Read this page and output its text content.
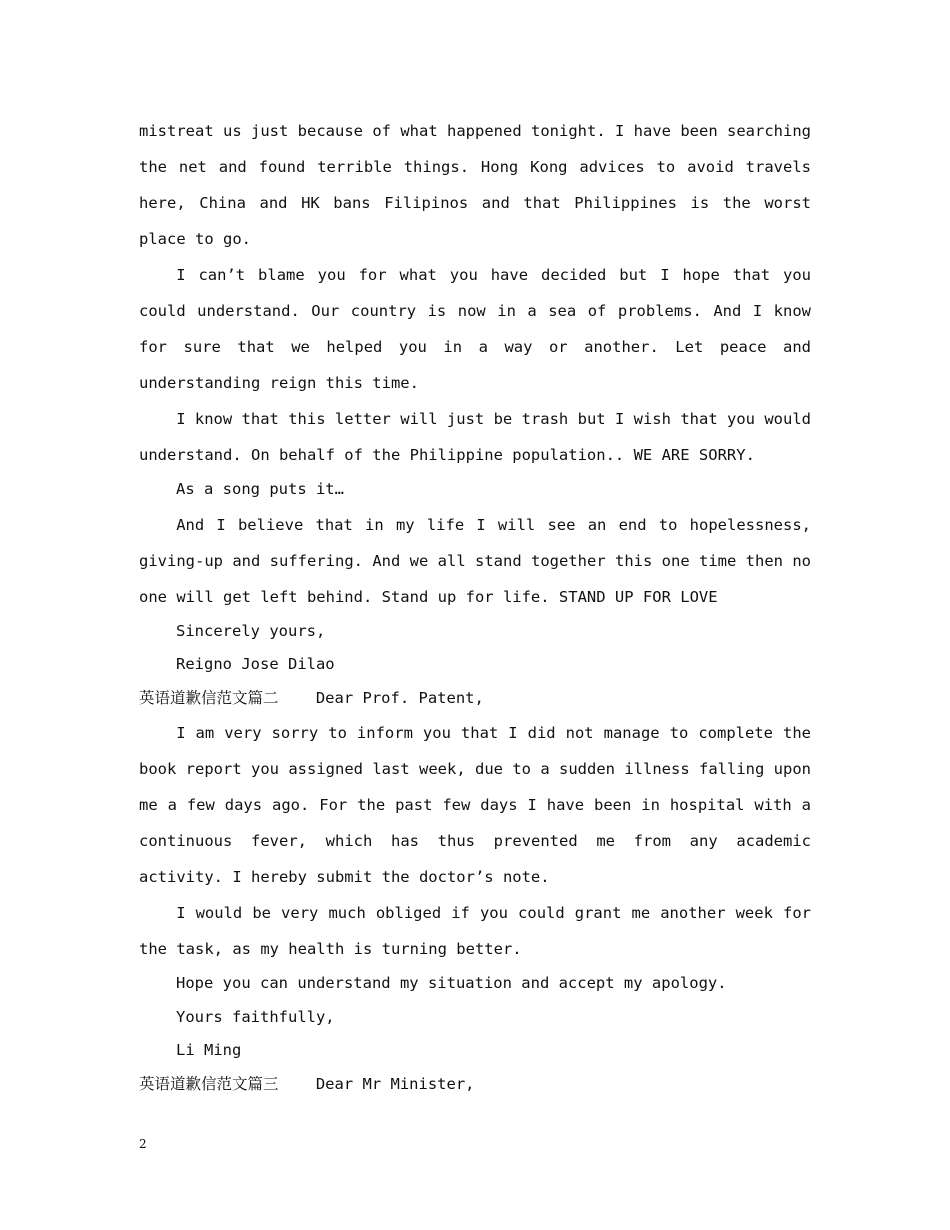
mistreat us just because of what happened tonight. I have been searching the net and found terrible things. Hong Kong advices to avoid travels here, China and HK bans Filipinos and that Philippines is the worst place to go.

I can’t blame you for what you have decided but I hope that you could understand. Our country is now in a sea of problems. And I know for sure that we helped you in a way or another. Let peace and understanding reign this time.

I know that this letter will just be trash but I wish that you would understand. On behalf of the Philippine population.. WE ARE SORRY.

As a song puts it…

And I believe that in my life I will see an end to hopelessness, giving-up and suffering. And we all stand together this one time then no one will get left behind. Stand up for life. STAND UP FOR LOVE

Sincerely yours,

Reigno Jose Dilao

英语道歉信范文篇二 Dear Prof. Patent,

I am very sorry to inform you that I did not manage to complete the book report you assigned last week, due to a sudden illness falling upon me a few days ago. For the past few days I have been in hospital with a continuous fever, which has thus prevented me from any academic activity. I hereby submit the doctor’s note.

I would be very much obliged if you could grant me another week for the task, as my health is turning better.

Hope you can understand my situation and accept my apology.

Yours faithfully,

Li Ming

英语道歉信范文篇三 Dear Mr Minister,

2
